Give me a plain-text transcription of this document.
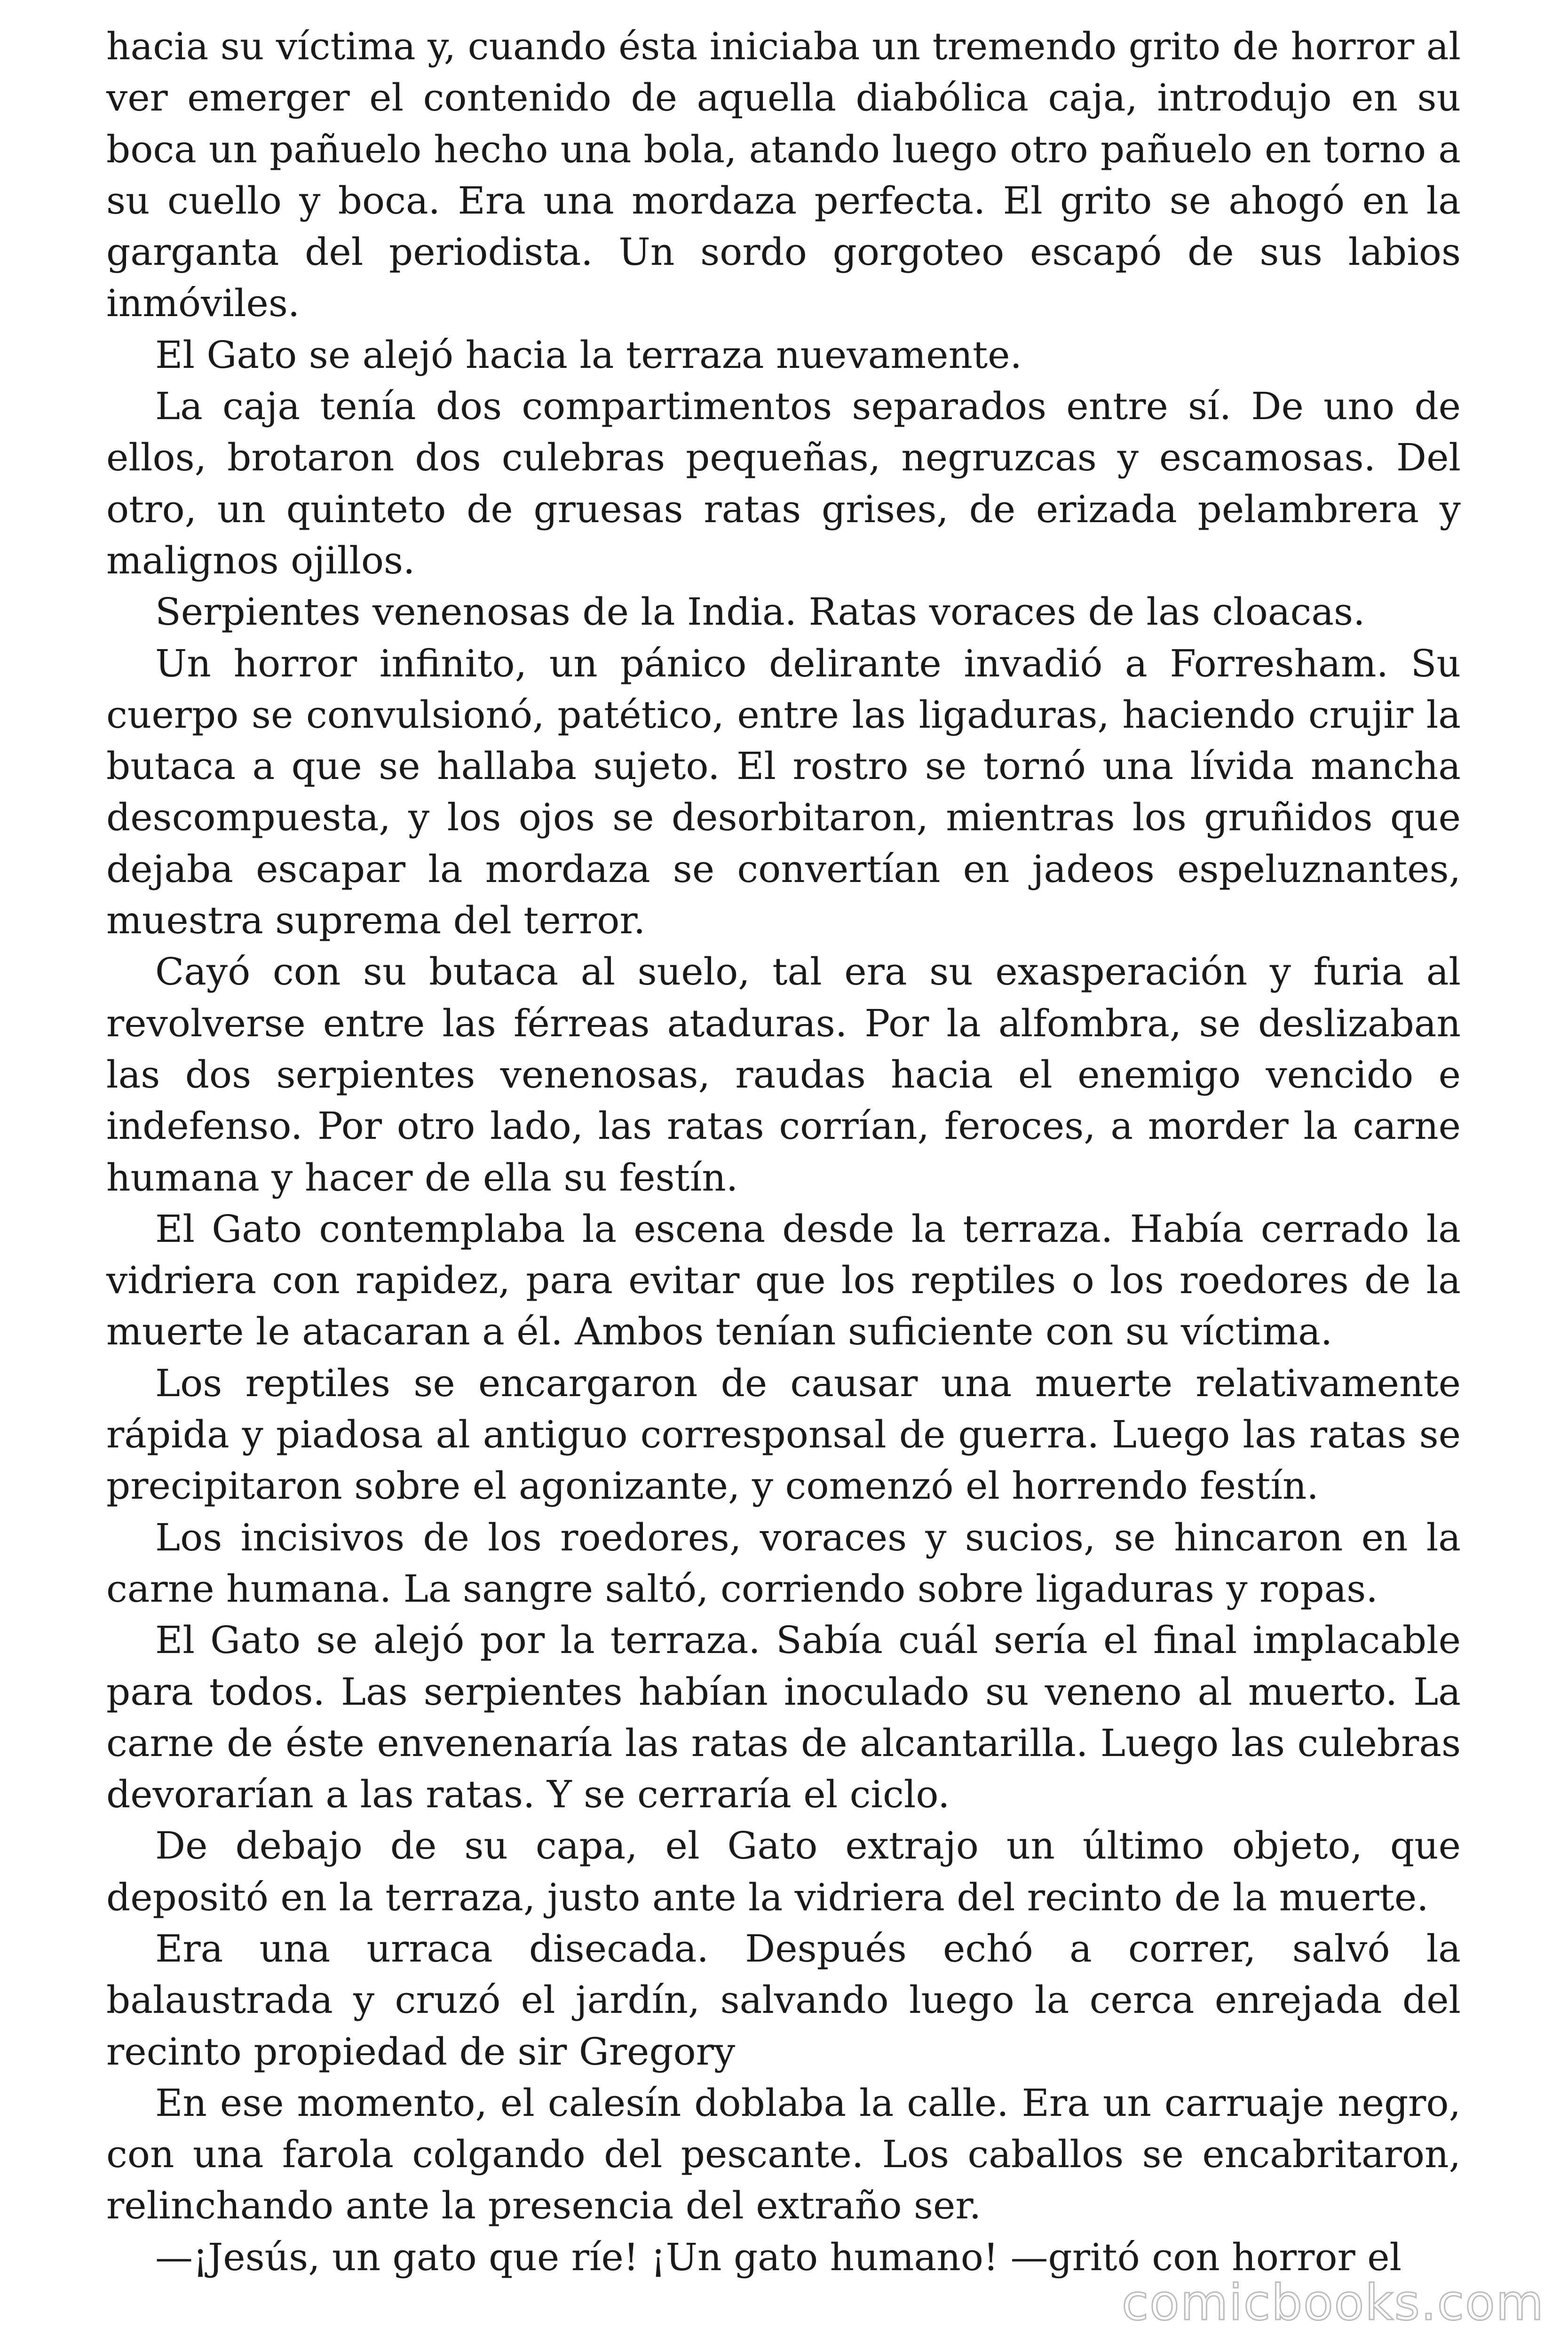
hacia su víctima y, cuando ésta iniciaba un tremendo grito de horror al ver emerger el contenido de aquella diabólica caja, introdujo en su boca un pañuelo hecho una bola, atando luego otro pañuelo en torno a su cuello y boca. Era una mordaza perfecta. El grito se ahogó en la garganta del periodista. Un sordo gorgoteo escapó de sus labios inmóviles.

El Gato se alejó hacia la terraza nuevamente.

La caja tenía dos compartimentos separados entre sí. De uno de ellos, brotaron dos culebras pequeñas, negruzcas y escamosas. Del otro, un quinteto de gruesas ratas grises, de erizada pelambrera y malignos ojillos.

Serpientes venenosas de la India. Ratas voraces de las cloacas.

Un horror infinito, un pánico delirante invadió a Forresham. Su cuerpo se convulsionó, patético, entre las ligaduras, haciendo crujir la butaca a que se hallaba sujeto. El rostro se tornó una lívida mancha descompuesta, y los ojos se desorbitaron, mientras los gruñidos que dejaba escapar la mordaza se convertían en jadeos espeluznantes, muestra suprema del terror.

Cayó con su butaca al suelo, tal era su exasperación y furia al revolverse entre las férreas ataduras. Por la alfombra, se deslizaban las dos serpientes venenosas, raudas hacia el enemigo vencido e indefenso. Por otro lado, las ratas corrían, feroces, a morder la carne humana y hacer de ella su festín.

El Gato contemplaba la escena desde la terraza. Había cerrado la vidriera con rapidez, para evitar que los reptiles o los roedores de la muerte le atacaran a él. Ambos tenían suficiente con su víctima.

Los reptiles se encargaron de causar una muerte relativamente rápida y piadosa al antiguo corresponsal de guerra. Luego las ratas se precipitaron sobre el agonizante, y comenzó el horrendo festín.

Los incisivos de los roedores, voraces y sucios, se hincaron en la carne humana. La sangre saltó, corriendo sobre ligaduras y ropas.

El Gato se alejó por la terraza. Sabía cuál sería el final implacable para todos. Las serpientes habían inoculado su veneno al muerto. La carne de éste envenenaría las ratas de alcantarilla. Luego las culebras devorarían a las ratas. Y se cerraría el ciclo.

De debajo de su capa, el Gato extrajo un último objeto, que depositó en la terraza, justo ante la vidriera del recinto de la muerte.

Era una urraca disecada. Después echó a correr, salvó la balaustrada y cruzó el jardín, salvando luego la cerca enrejada del recinto propiedad de sir Gregory

En ese momento, el calesín doblaba la calle. Era un carruaje negro, con una farola colgando del pescante. Los caballos se encabritaron, relinchando ante la presencia del extraño ser.

—¡Jesús, un gato que ríe! ¡Un gato humano! —gritó con horror el

comicbooks.com
